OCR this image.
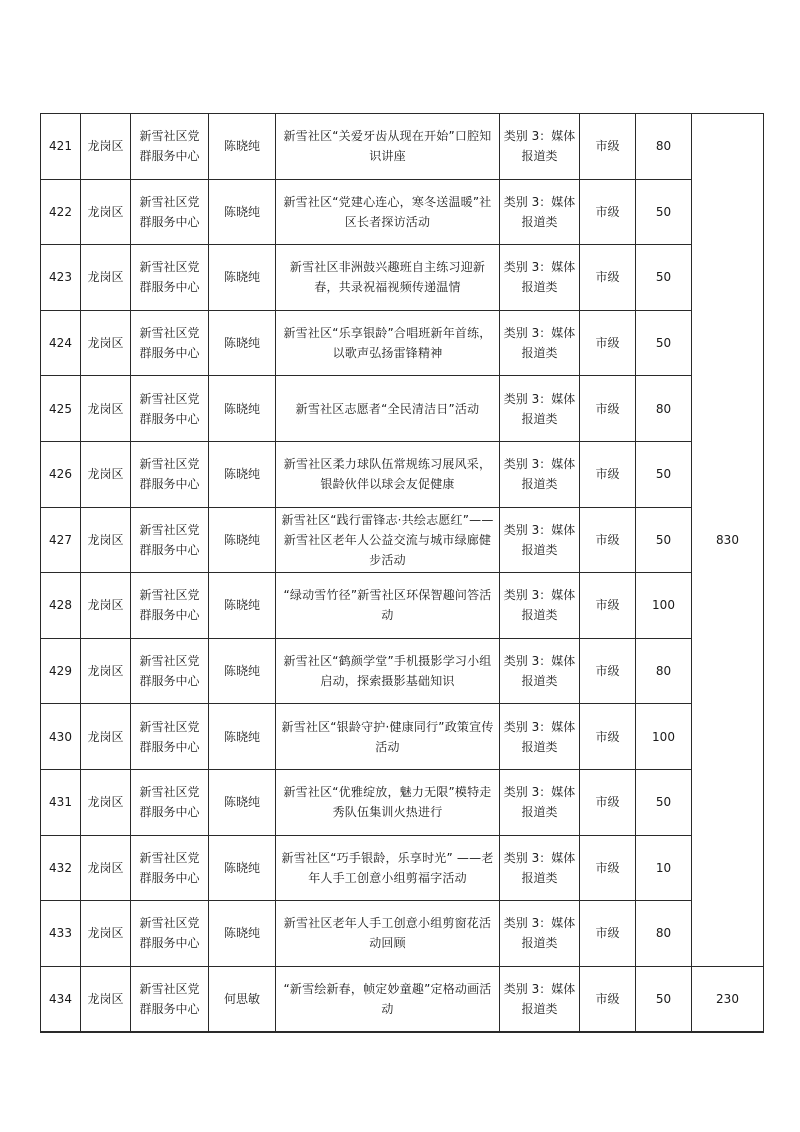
421	龙岗区	新雪社区党群服务中心	陈晓纯	新雪社区“关爱牙齿从现在开始”口腔知识讲座	类别 3：媒体报道类	市级	80	830
422	龙岗区	新雪社区党群服务中心	陈晓纯	新雪社区“党建心连心，寒冬送温暖”社区长者探访活动	类别 3：媒体报道类	市级	50	
423	龙岗区	新雪社区党群服务中心	陈晓纯	新雪社区非洲鼓兴趣班自主练习迎新春，共录祝福视频传递温情	类别 3：媒体报道类	市级	50	
424	龙岗区	新雪社区党群服务中心	陈晓纯	新雪社区“乐享银龄”合唱班新年首练，以歌声弘扬雷锋精神	类别 3：媒体报道类	市级	50	
425	龙岗区	新雪社区党群服务中心	陈晓纯	新雪社区志愿者“全民清洁日”活动	类别 3：媒体报道类	市级	80	
426	龙岗区	新雪社区党群服务中心	陈晓纯	新雪社区柔力球队伍常规练习展风采，银龄伙伴以球会友促健康	类别 3：媒体报道类	市级	50	
427	龙岗区	新雪社区党群服务中心	陈晓纯	新雪社区“践行雷锋志·共绘志愿红”——新雪社区老年人公益交流与城市绿廊健步活动	类别 3：媒体报道类	市级	50	
428	龙岗区	新雪社区党群服务中心	陈晓纯	“绿动雪竹径”新雪社区环保智趣问答活动	类别 3：媒体报道类	市级	100	
429	龙岗区	新雪社区党群服务中心	陈晓纯	新雪社区“鹤颜学堂”手机摄影学习小组启动，探索摄影基础知识	类别 3：媒体报道类	市级	80	
430	龙岗区	新雪社区党群服务中心	陈晓纯	新雪社区“银龄守护·健康同行”政策宣传活动	类别 3：媒体报道类	市级	100	
431	龙岗区	新雪社区党群服务中心	陈晓纯	新雪社区“优雅绽放，魅力无限”模特走秀队伍集训火热进行	类别 3：媒体报道类	市级	50	
432	龙岗区	新雪社区党群服务中心	陈晓纯	新雪社区“巧手银龄，乐享时光” ——老年人手工创意小组剪福字活动	类别 3：媒体报道类	市级	10	
433	龙岗区	新雪社区党群服务中心	陈晓纯	新雪社区老年人手工创意小组剪窗花活动回顾	类别 3：媒体报道类	市级	80	
434	龙岗区	新雪社区党群服务中心	何思敏	“新雪绘新春，帧定妙童趣”定格动画活动	类别 3：媒体报道类	市级	50	230
